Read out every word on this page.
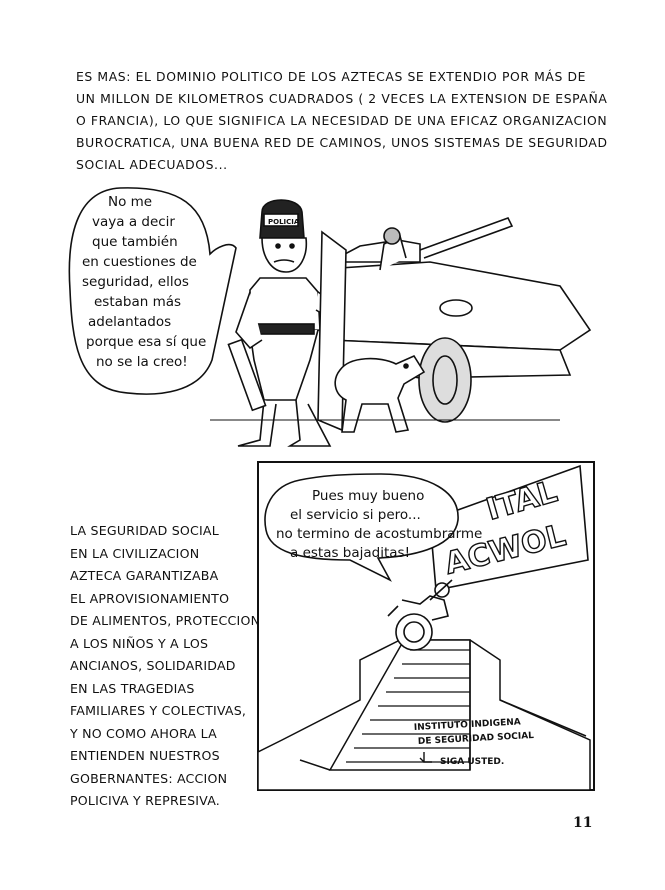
ES MAS: EL DOMINIO POLITICO DE LOS AZTECAS SE EXTENDIO POR MÁS DE
UN MILLON DE KILOMETROS CUADRADOS ( 2 VECES LA EXTENSION DE ESPAÑA
O FRANCIA), LO QUE SIGNIFICA LA NECESIDAD DE UNA EFICAZ ORGANIZACION
BUROCRATICA, UNA BUENA RED DE CAMINOS, UNOS SISTEMAS DE SEGURIDAD
SOCIAL ADECUADOS...
No me
vaya a decir
que también
en cuestiones de
seguridad, ellos
estaban más
adelantados
porque esa sí que
no se la creo!
POLICIA
LA SEGURIDAD SOCIAL
EN LA CIVILIZACION
AZTECA GARANTIZABA
EL APROVISIONAMIENTO
DE ALIMENTOS, PROTECCION
A LOS NIÑOS Y A LOS
ANCIANOS, SOLIDARIDAD
EN LAS TRAGEDIAS
FAMILIARES Y COLECTIVAS,
Y NO COMO AHORA LA
ENTIENDEN NUESTROS
GOBERNANTES: ACCION
POLICIVA Y REPRESIVA.
ITAL
ACWOL
Pues muy bueno
el servicio si pero...
no termino de acostumbrarme
a estas bajaditas!
INSTITUTO INDIGENA
DE SEGURIDAD SOCIAL
SIGA USTED.
11
